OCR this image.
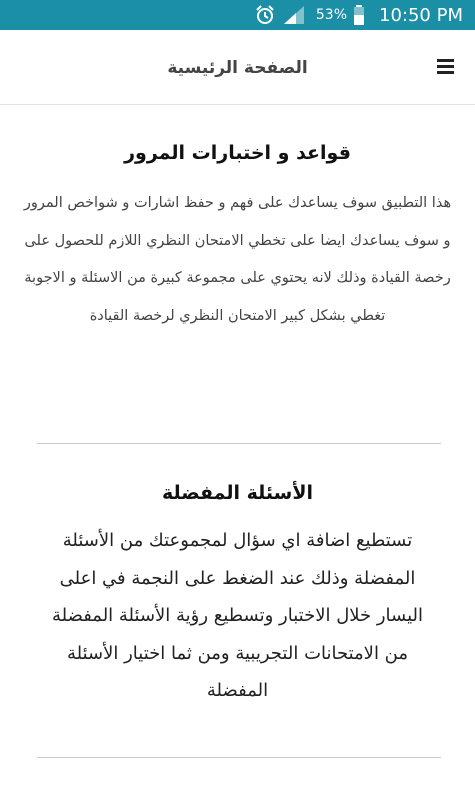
53% 10:50 PM
الصفحة الرئيسية
قواعد و اختبارات المرور

هذا التطبيق سوف يساعدك على فهم و حفظ اشارات و شواخص المرور و سوف يساعدك ايضا على تخطي الامتحان النظري اللازم للحصول على رخصة القيادة وذلك لانه يحتوي على مجموعة كبيرة من الاسئلة و الاجوبة تغطي بشكل كبير الامتحان النظري لرخصة القيادة

الأسئلة المفضلة

تستطيع اضافة اي سؤال لمجموعتك من الأسئلة المفضلة وذلك عند الضغط على النجمة في اعلى اليسار خلال الاختبار وتسطيع رؤية الأسئلة المفضلة من الامتحانات التجريبية ومن ثما اختيار الأسئلة المفضلة
